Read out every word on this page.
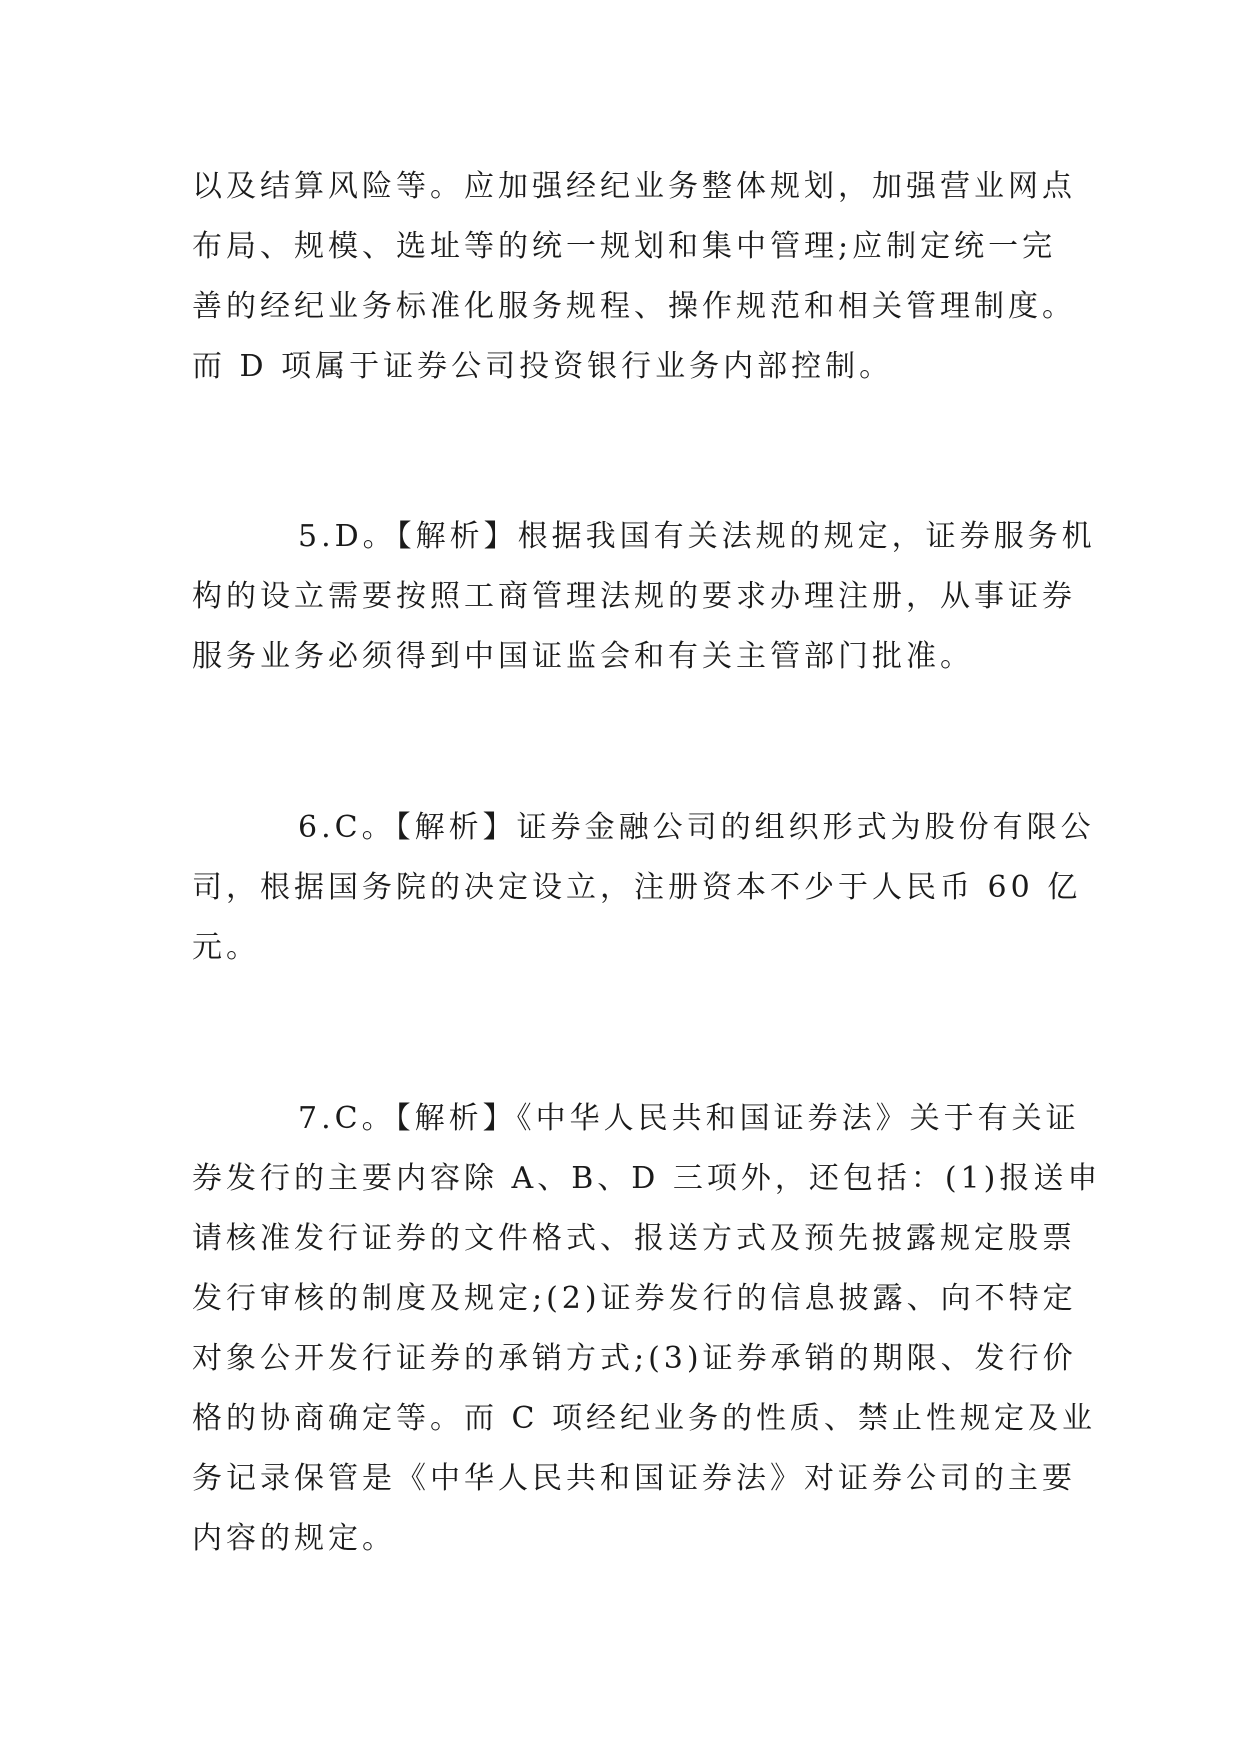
以及结算风险等。应加强经纪业务整体规划，加强营业网点
布局、规模、选址等的统一规划和集中管理;应制定统一完
善的经纪业务标准化服务规程、操作规范和相关管理制度。
而 D 项属于证券公司投资银行业务内部控制。
5.D。【解析】根据我国有关法规的规定，证券服务机
构的设立需要按照工商管理法规的要求办理注册，从事证券
服务业务必须得到中国证监会和有关主管部门批准。
6.C。【解析】证券金融公司的组织形式为股份有限公
司，根据国务院的决定设立，注册资本不少于人民币 60 亿
元。
7.C。【解析】《中华人民共和国证券法》关于有关证
券发行的主要内容除 A、B、D 三项外，还包括：(1)报送申
请核准发行证券的文件格式、报送方式及预先披露规定股票
发行审核的制度及规定;(2)证券发行的信息披露、向不特定
对象公开发行证券的承销方式;(3)证券承销的期限、发行价
格的协商确定等。而 C 项经纪业务的性质、禁止性规定及业
务记录保管是《中华人民共和国证券法》对证券公司的主要
内容的规定。
